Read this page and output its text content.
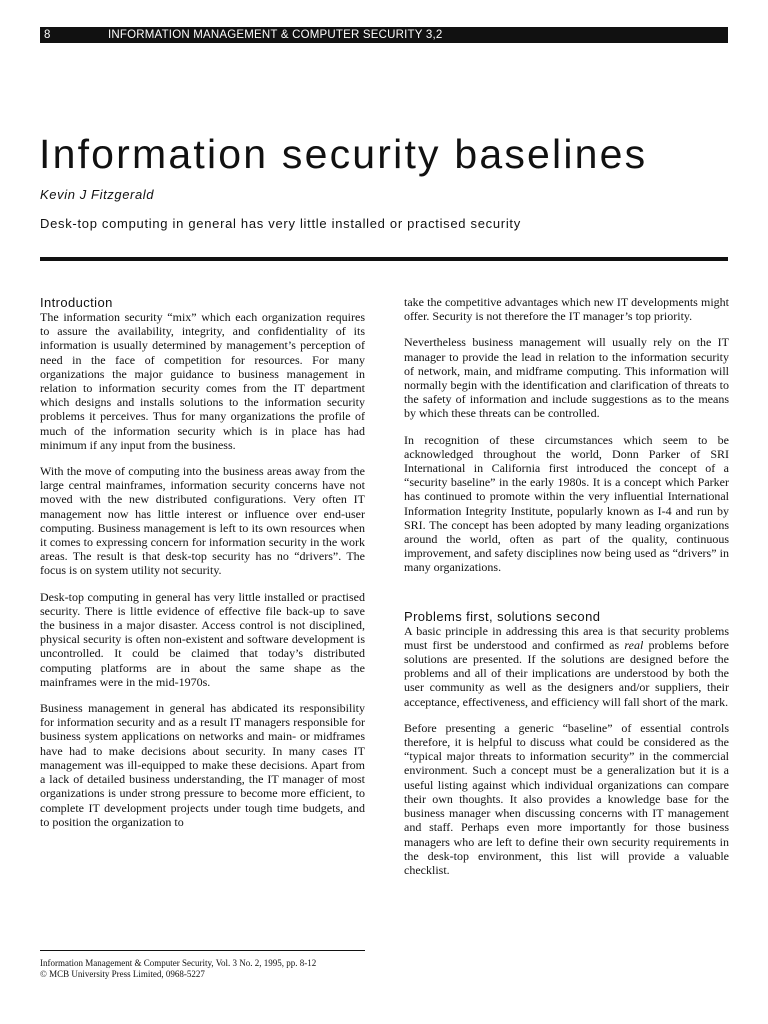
8	INFORMATION MANAGEMENT & COMPUTER SECURITY 3,2
Information security baselines
Kevin J Fitzgerald
Desk-top computing in general has very little installed or practised security
Introduction

The information security “mix” which each organization requires to assure the availability, integrity, and confidentiality of its information is usually determined by management’s perception of need in the face of competition for resources. For many organizations the major guidance to business management in relation to information security comes from the IT department which designs and installs solutions to the information security problems it perceives. Thus for many organizations the profile of much of the information security which is in place has had minimum if any input from the business.

With the move of computing into the business areas away from the large central mainframes, information security concerns have not moved with the new distributed configurations. Very often IT management now has little interest or influence over end-user computing. Business management is left to its own resources when it comes to expressing concern for information security in the work areas. The result is that desk-top security has no “drivers”. The focus is on system utility not security.

Desk-top computing in general has very little installed or practised security. There is little evidence of effective file back-up to save the business in a major disaster. Access control is not disciplined, physical security is often non-existent and software development is uncontrolled. It could be claimed that today’s distributed computing platforms are in about the same shape as the mainframes were in the mid-1970s.

Business management in general has abdicated its responsibility for information security and as a result IT managers responsible for business system applications on networks and main- or midframes have had to make decisions about security. In many cases IT management was ill-equipped to make these decisions. Apart from a lack of detailed business understanding, the IT manager of most organizations is under strong pressure to become more efficient, to complete IT development projects under tough time budgets, and to position the organization to

take the competitive advantages which new IT developments might offer. Security is not therefore the IT manager’s top priority.

Nevertheless business management will usually rely on the IT manager to provide the lead in relation to the information security of network, main, and midframe computing. This information will normally begin with the identification and clarification of threats to the safety of information and include suggestions as to the means by which these threats can be controlled.

In recognition of these circumstances which seem to be acknowledged throughout the world, Donn Parker of SRI International in California first introduced the concept of a “security baseline” in the early 1980s. It is a concept which Parker has continued to promote within the very influential International Information Integrity Institute, popularly known as I-4 and run by SRI. The concept has been adopted by many leading organizations around the world, often as part of the quality, continuous improvement, and safety disciplines now being used as “drivers” in many organizations.

Problems first, solutions second

A basic principle in addressing this area is that security problems must first be understood and confirmed as real problems before solutions are presented. If the solutions are designed before the problems and all of their implications are understood by both the user community as well as the designers and/or suppliers, their acceptance, effectiveness, and efficiency will fall short of the mark.

Before presenting a generic “baseline” of essential controls therefore, it is helpful to discuss what could be considered as the “typical major threats to information security” in the commercial environment. Such a concept must be a generalization but it is a useful listing against which individual organizations can compare their own thoughts. It also provides a knowledge base for the business manager when discussing concerns with IT management and staff. Perhaps even more importantly for those business managers who are left to define their own security requirements in the desk-top environment, this list will provide a valuable checklist.

Information Management & Computer Security, Vol. 3 No. 2, 1995, pp. 8-12
© MCB University Press Limited, 0968-5227
